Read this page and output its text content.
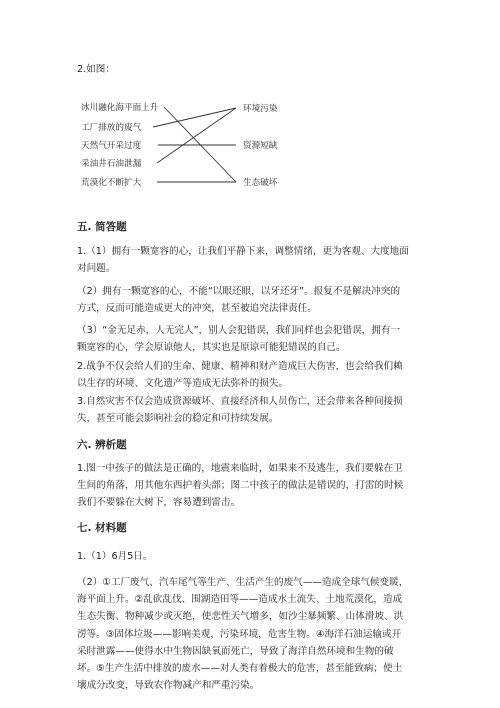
2.如图：
冰川融化海平面上升
工厂排放的废气
天然气开采过度
采油井石油泄漏
荒漠化不断扩大
环境污染
资源短缺
生态破坏
五. 简答题
1.（1）拥有一颗宽容的心，让我们平静下来，调整情绪，更为客观、大度地面
对问题。
（2）拥有一颗宽容的心，不能“以眼还眼，以牙还牙”。报复不是解决冲突的
方式，反而可能造成更大的冲突，甚至被追究法律责任。
（3）“金无足赤，人无完人”，别人会犯错误，我们同样也会犯错误，拥有一
颗宽容的心，学会原谅他人，其实也是原谅可能犯错误的自己。
2.战争不仅会给人们的生命、健康、精神和财产造成巨大伤害，也会给我们赖
以生存的环境、文化遗产等造成无法弥补的损失。
3.自然灾害不仅会造成资源破坏、直接经济和人员伤亡，还会带来各种间接损
失，甚至可能会影响社会的稳定和可持续发展。
六. 辨析题
1.图一中孩子的做法是正确的，地震来临时，如果来不及逃生，我们要躲在卫
生间的角落，用其他东西护着头部；图二中孩子的做法是错误的，打雷的时候
我们不要躲在大树下，容易遭到雷击。
七. 材料题
1.（1）6月5日。
（2）①工厂废气、汽车尾气等生产、生活产生的废气——造成全球气候变暖，
海平面上升。②乱砍乱伐、围湖造田等——造成水土流失、土地荒漠化，造成
生态失衡、物种减少或灭绝，使悲性天气增多，如沙尘暴频繁、山体滑坡、洪
涝等。③固体垃圾——影响美观，污染环境，危害生物。④海洋石油运输或开
采时泄露——使得水中生物因缺氧而死亡，导致了海洋自然环境和生物的破
坏。⑤生产生活中排放的废水——对人类有着极大的危害，甚至能致病；使土
壤成分改变，导致农作物减产和严重污染。
